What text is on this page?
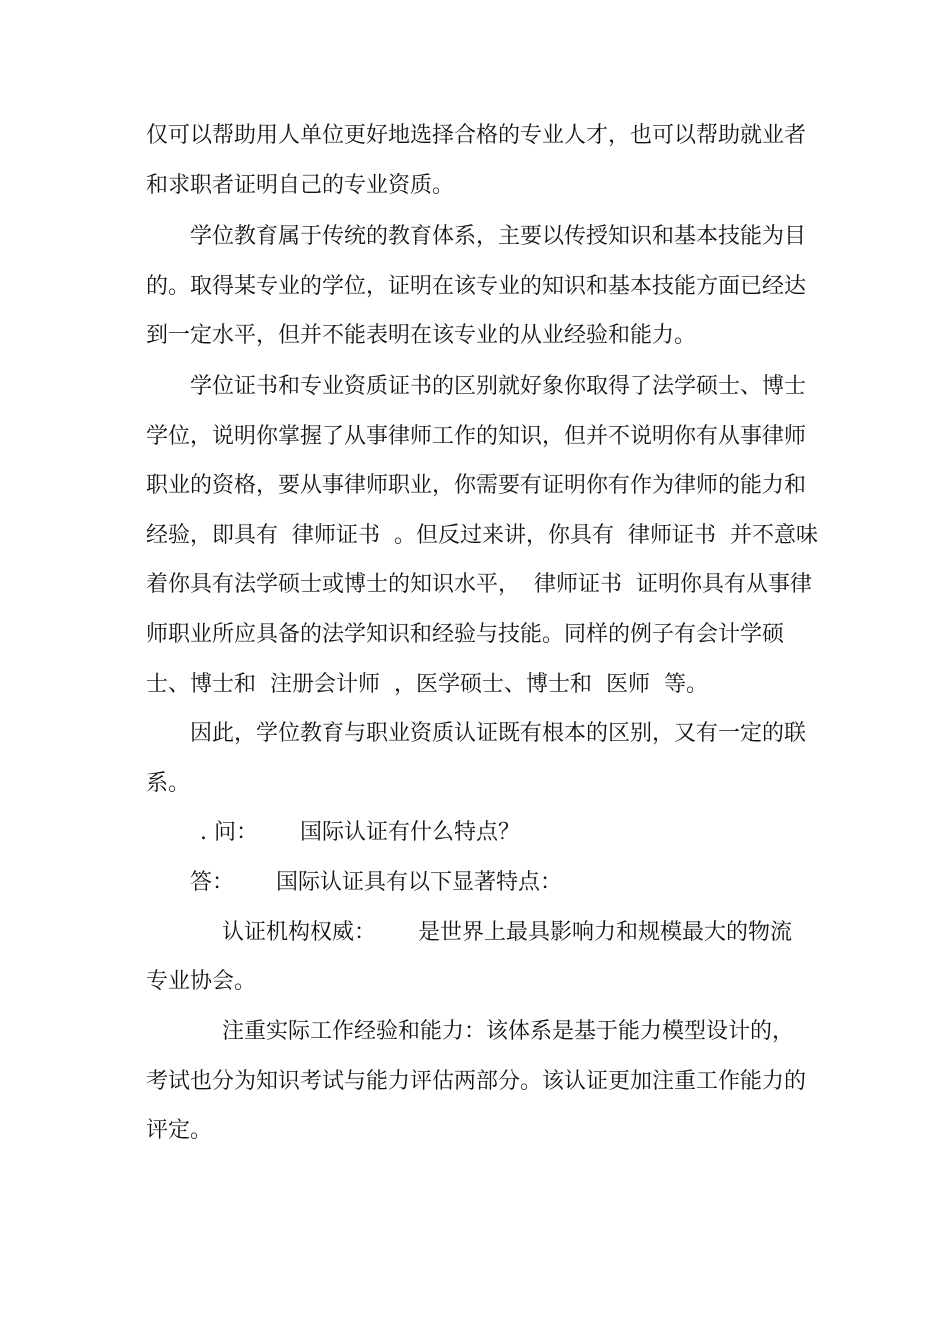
仅可以帮助用人单位更好地选择合格的专业人才，也可以帮助就业者

和求职者证明自己的专业资质。

学位教育属于传统的教育体系，主要以传授知识和基本技能为目

的。取得某专业的学位，证明在该专业的知识和基本技能方面已经达

到一定水平，但并不能表明在该专业的从业经验和能力。

学位证书和专业资质证书的区别就好象你取得了法学硕士、博士

学位，说明你掌握了从事律师工作的知识，但并不说明你有从事律师

职业的资格，要从事律师职业，你需要有证明你有作为律师的能力和

经验，即具有  律师证书  。但反过来讲，你具有  律师证书  并不意味

着你具有法学硕士或博士的知识水平，  律师证书  证明你具有从事律

师职业所应具备的法学知识和经验与技能。同样的例子有会计学硕

士、博士和  注册会计师  ，医学硕士、博士和  医师  等。

因此，学位教育与职业资质认证既有根本的区别，又有一定的联

系。

. 问：      国际认证有什么特点？

答：      国际认证具有以下显著特点：

认证机构权威：      是世界上最具影响力和规模最大的物流

专业协会。

注重实际工作经验和能力：该体系是基于能力模型设计的，

考试也分为知识考试与能力评估两部分。该认证更加注重工作能力的

评定。
